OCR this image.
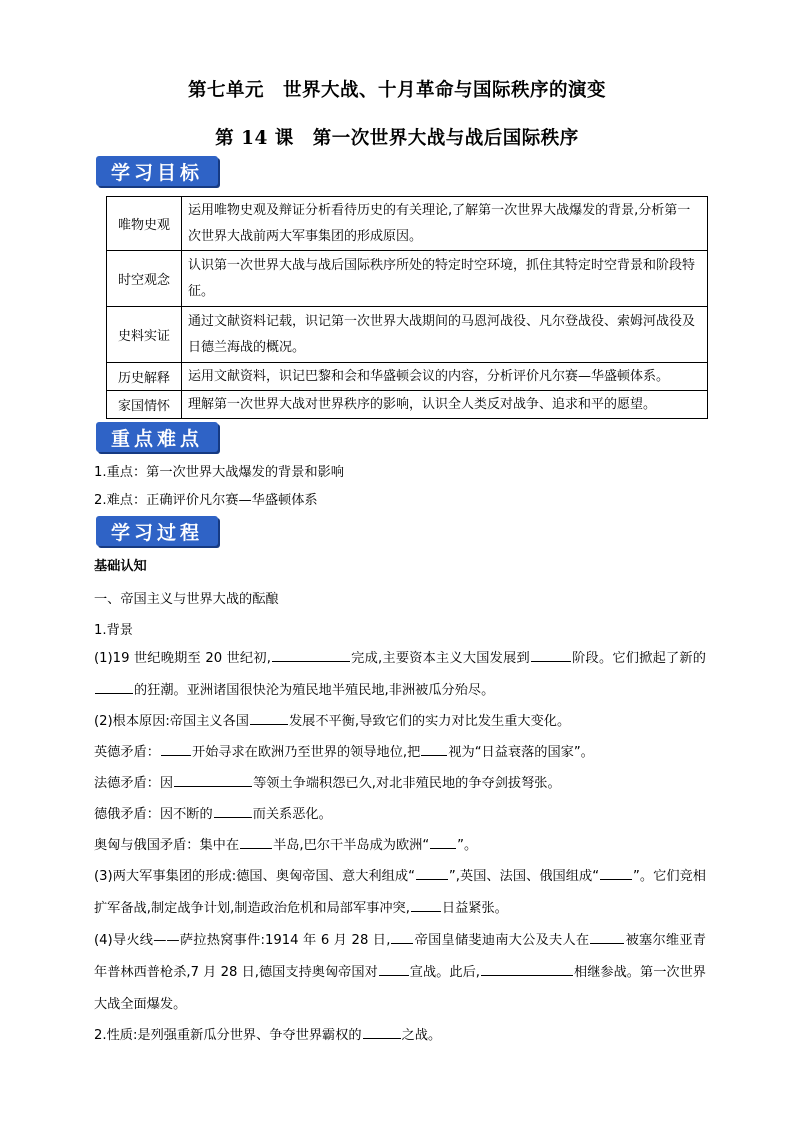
第七单元　世界大战、十月革命与国际秩序的演变
第 14 课　第一次世界大战与战后国际秩序
学习目标
唯物史观	运用唯物史观及辩证分析看待历史的有关理论,了解第一次世界大战爆发的背景,分析第一次世界大战前两大军事集团的形成原因。
时空观念	认识第一次世界大战与战后国际秩序所处的特定时空环境，抓住其特定时空背景和阶段特征。
史料实证	通过文献资料记载，识记第一次世界大战期间的马恩河战役、凡尔登战役、索姆河战役及日德兰海战的概况。
历史解释	运用文献资料，识记巴黎和会和华盛顿会议的内容，分析评价凡尔赛—华盛顿体系。
家国情怀	理解第一次世界大战对世界秩序的影响，认识全人类反对战争、追求和平的愿望。
重点难点
1.重点：第一次世界大战爆发的背景和影响
2.难点：正确评价凡尔赛—华盛顿体系
学习过程
基础认知
一、帝国主义与世界大战的酝酿
1.背景
(1)19 世纪晚期至 20 世纪初,	完成,主要资本主义大国发展到	阶段。它们掀起了新的的狂潮。亚洲诸国很快沦为殖民地半殖民地,非洲被瓜分殆尽。
(2)根本原因:帝国主义各国	发展不平衡,导致它们的实力对比发生重大变化。
英德矛盾： 开始寻求在欧洲乃至世界的领导地位,把 视为“日益衰落的国家”。
法德矛盾：因	等领土争端积怨已久,对北非殖民地的争夺剑拔弩张。
德俄矛盾：因不断的	而关系恶化。
奥匈与俄国矛盾：集中在	半岛,巴尔干半岛成为欧洲“ ”。
(3)两大军事集团的形成:德国、奥匈帝国、意大利组成“	”,英国、法国、俄国组成“	”。它们竞相扩军备战,制定战争计划,制造政治危机和局部军事冲突, 日益紧张。
(4)导火线——萨拉热窝事件:1914 年 6 月 28 日, 帝国皇储斐迪南大公及夫人在	被塞尔维亚青年普林西普枪杀,7 月 28 日,德国支持奥匈帝国对 宣战。此后,	相继参战。第一次世界大战全面爆发。
2.性质:是列强重新瓜分世界、争夺世界霸权的	之战。
